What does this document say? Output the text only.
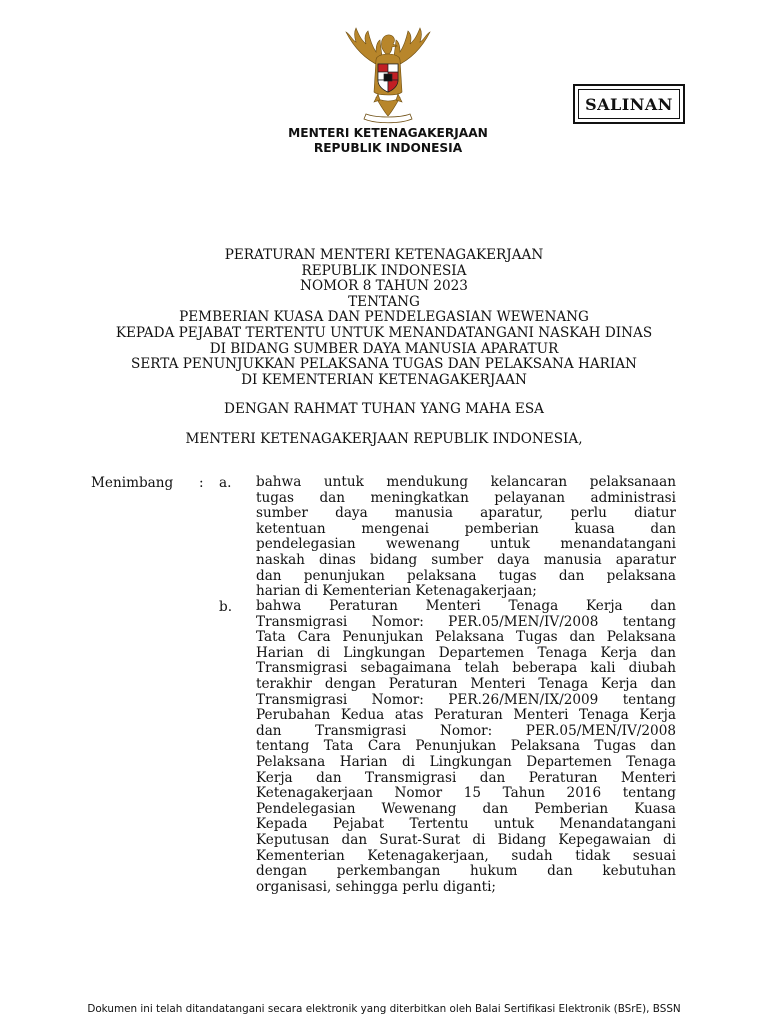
SALINAN
MENTERI KETENAGAKERJAAN
REPUBLIK INDONESIA
PERATURAN MENTERI KETENAGAKERJAAN
REPUBLIK INDONESIA
NOMOR 8 TAHUN 2023
TENTANG
PEMBERIAN KUASA DAN PENDELEGASIAN WEWENANG
KEPADA PEJABAT TERTENTU UNTUK MENANDATANGANI NASKAH DINAS
DI BIDANG SUMBER DAYA MANUSIA APARATUR
SERTA PENUNJUKKAN PELAKSANA TUGAS DAN PELAKSANA HARIAN
DI KEMENTERIAN KETENAGAKERJAAN
DENGAN RAHMAT TUHAN YANG MAHA ESA
MENTERI KETENAGAKERJAAN REPUBLIK INDONESIA,
Menimbang : a. bahwa untuk mendukung kelancaran pelaksanaan
tugas dan meningkatkan pelayanan administrasi
sumber daya manusia aparatur, perlu diatur
ketentuan mengenai pemberian kuasa dan
pendelegasian wewenang untuk menandatangani
naskah dinas bidang sumber daya manusia aparatur
dan penunjukan pelaksana tugas dan pelaksana
harian di Kementerian Ketenagakerjaan;
b. bahwa Peraturan Menteri Tenaga Kerja dan
Transmigrasi Nomor: PER.05/MEN/IV/2008 tentang
Tata Cara Penunjukan Pelaksana Tugas dan Pelaksana
Harian di Lingkungan Departemen Tenaga Kerja dan
Transmigrasi sebagaimana telah beberapa kali diubah
terakhir dengan Peraturan Menteri Tenaga Kerja dan
Transmigrasi Nomor: PER.26/MEN/IX/2009 tentang
Perubahan Kedua atas Peraturan Menteri Tenaga Kerja
dan Transmigrasi Nomor: PER.05/MEN/IV/2008
tentang Tata Cara Penunjukan Pelaksana Tugas dan
Pelaksana Harian di Lingkungan Departemen Tenaga
Kerja dan Transmigrasi dan Peraturan Menteri
Ketenagakerjaan Nomor 15 Tahun 2016 tentang
Pendelegasian Wewenang dan Pemberian Kuasa
Kepada Pejabat Tertentu untuk Menandatangani
Keputusan dan Surat-Surat di Bidang Kepegawaian di
Kementerian Ketenagakerjaan, sudah tidak sesuai
dengan perkembangan hukum dan kebutuhan
organisasi, sehingga perlu diganti;
Dokumen ini telah ditandatangani secara elektronik yang diterbitkan oleh Balai Sertifikasi Elektronik (BSrE), BSSN
